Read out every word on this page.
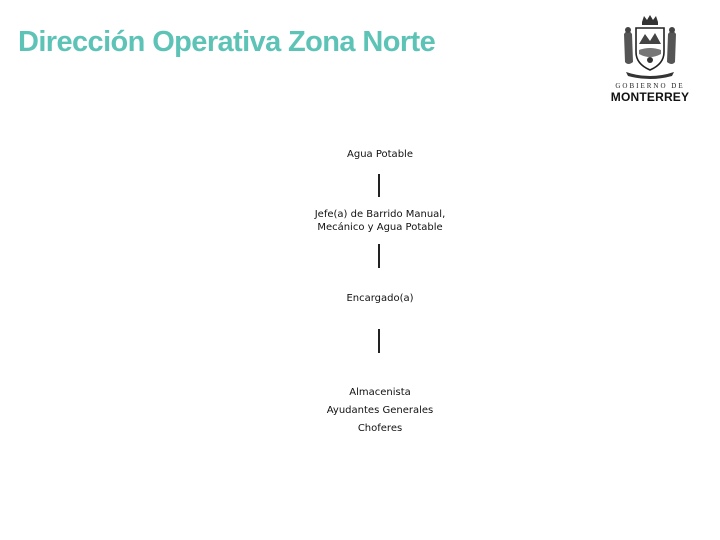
Dirección Operativa Zona Norte
GOBIERNO DE
MONTERREY
Agua Potable
Jefe(a) de Barrido Manual,
Mecánico y Agua Potable
Encargado(a)
Almacenista
Ayudantes Generales
Choferes
